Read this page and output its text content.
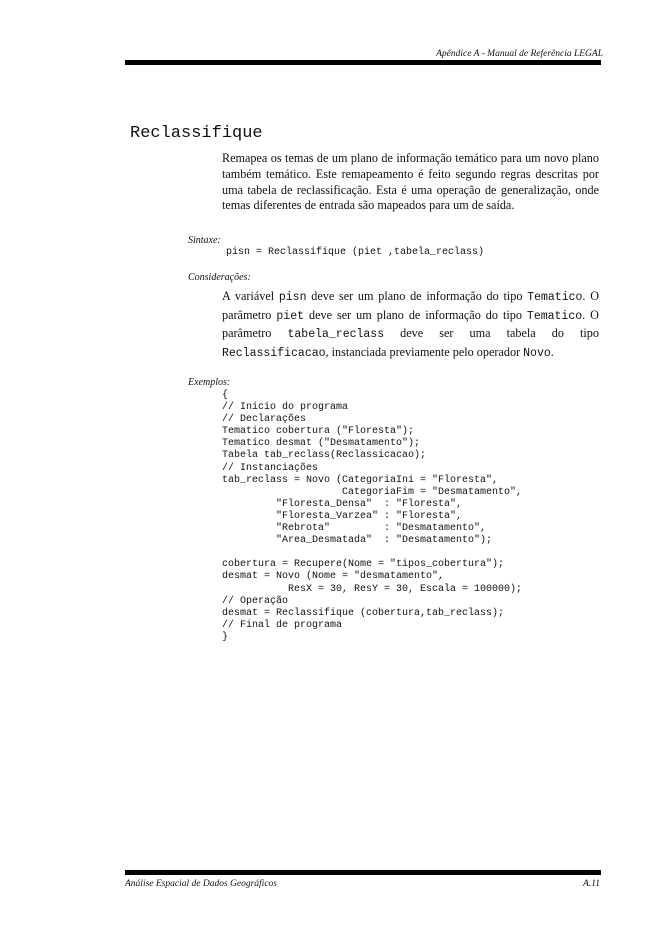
Apêndice A - Manual de Referência LEGAL
Reclassifique
Remapea os temas de um plano de informação temático para um novo plano também temático. Este remapeamento é feito segundo regras descritas por uma tabela de reclassificação. Esta é uma operação de generalização, onde temas diferentes de entrada são mapeados para um de saída.
Sintaxe:
pisn = Reclassifique (piet ,tabela_reclass)
Considerações:
A variável pisn deve ser um plano de informação do tipo Tematico. O parâmetro piet deve ser um plano de informação do tipo Tematico. O parâmetro tabela_reclass deve ser uma tabela do tipo Reclassificacao, instanciada previamente pelo operador Novo.
Exemplos:
{
// Inicio do programa
// Declarações
Tematico cobertura ("Floresta");
Tematico desmat ("Desmatamento");
Tabela tab_reclass(Reclassicacao);
// Instanciações
tab_reclass = Novo (CategoriaIni = "Floresta",
CategoriaFim = "Desmatamento",
"Floresta_Densa"  : "Floresta",
"Floresta_Varzea" : "Floresta",
"Rebrota"         : "Desmatamento",
"Area_Desmatada"  : "Desmatamento");

cobertura = Recupere(Nome = "tipos_cobertura");
desmat = Novo (Nome = "desmatamento",
ResX = 30, ResY = 30, Escala = 100000);
// Operação
desmat = Reclassifique (cobertura,tab_reclass);
// Final de programa
}
Análise Espacial de Dados Geográficos	A.11
